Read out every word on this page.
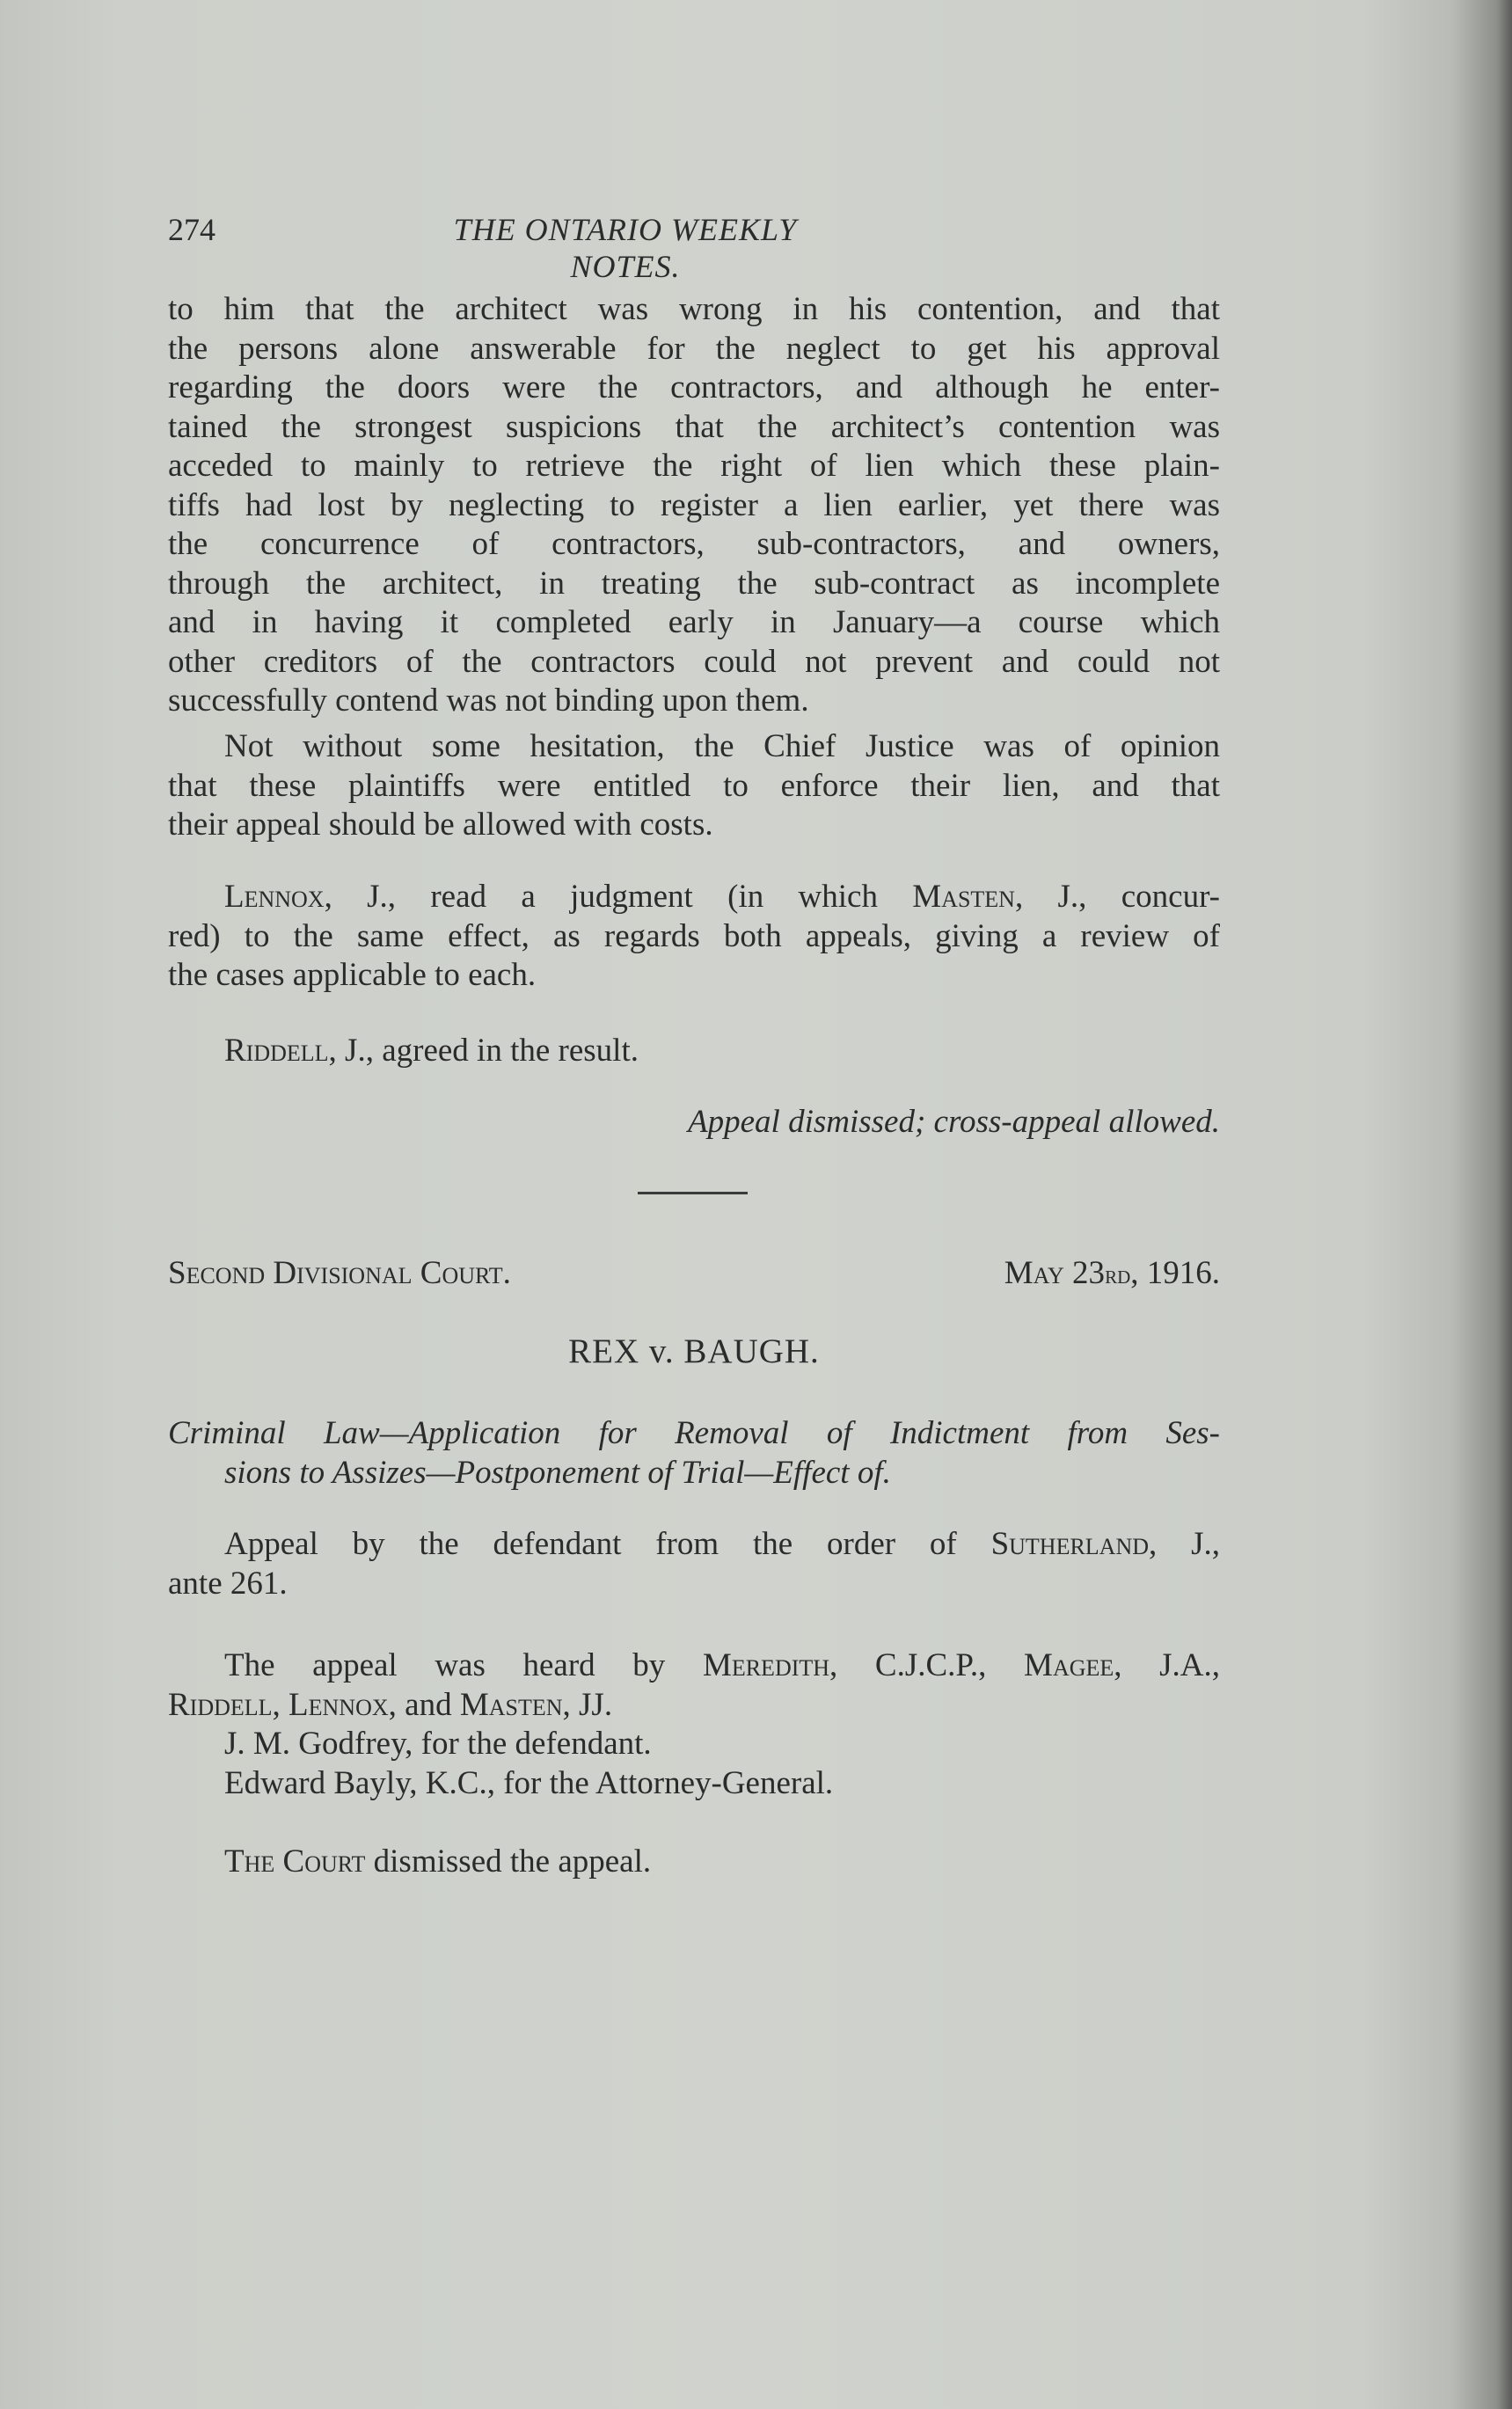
274	THE ONTARIO WEEKLY NOTES.
to him that the architect was wrong in his contention, and that
the persons alone answerable for the neglect to get his approval
regarding the doors were the contractors, and although he enter-
tained the strongest suspicions that the architect’s contention was
acceded to mainly to retrieve the right of lien which these plain-
tiffs had lost by neglecting to register a lien earlier, yet there was
the concurrence of contractors, sub-contractors, and owners,
through the architect, in treating the sub-contract as incomplete
and in having it completed early in January—a course which
other creditors of the contractors could not prevent and could not
successfully contend was not binding upon them.
Not without some hesitation, the Chief Justice was of opinion
that these plaintiffs were entitled to enforce their lien, and that
their appeal should be allowed with costs.
Lennox, J., read a judgment (in which Masten, J., concur-
red) to the same effect, as regards both appeals, giving a review of
the cases applicable to each.
Riddell, J., agreed in the result.
Appeal dismissed; cross-appeal allowed.
Second Divisional Court.	May 23rd, 1916.
REX v. BAUGH.
Criminal Law—Application for Removal of Indictment from Ses-
sions to Assizes—Postponement of Trial—Effect of.
Appeal by the defendant from the order of Sutherland, J.,
ante 261.
The appeal was heard by Meredith, C.J.C.P., Magee, J.A.,
Riddell, Lennox, and Masten, JJ.
J. M. Godfrey, for the defendant.
Edward Bayly, K.C., for the Attorney-General.
The Court dismissed the appeal.
